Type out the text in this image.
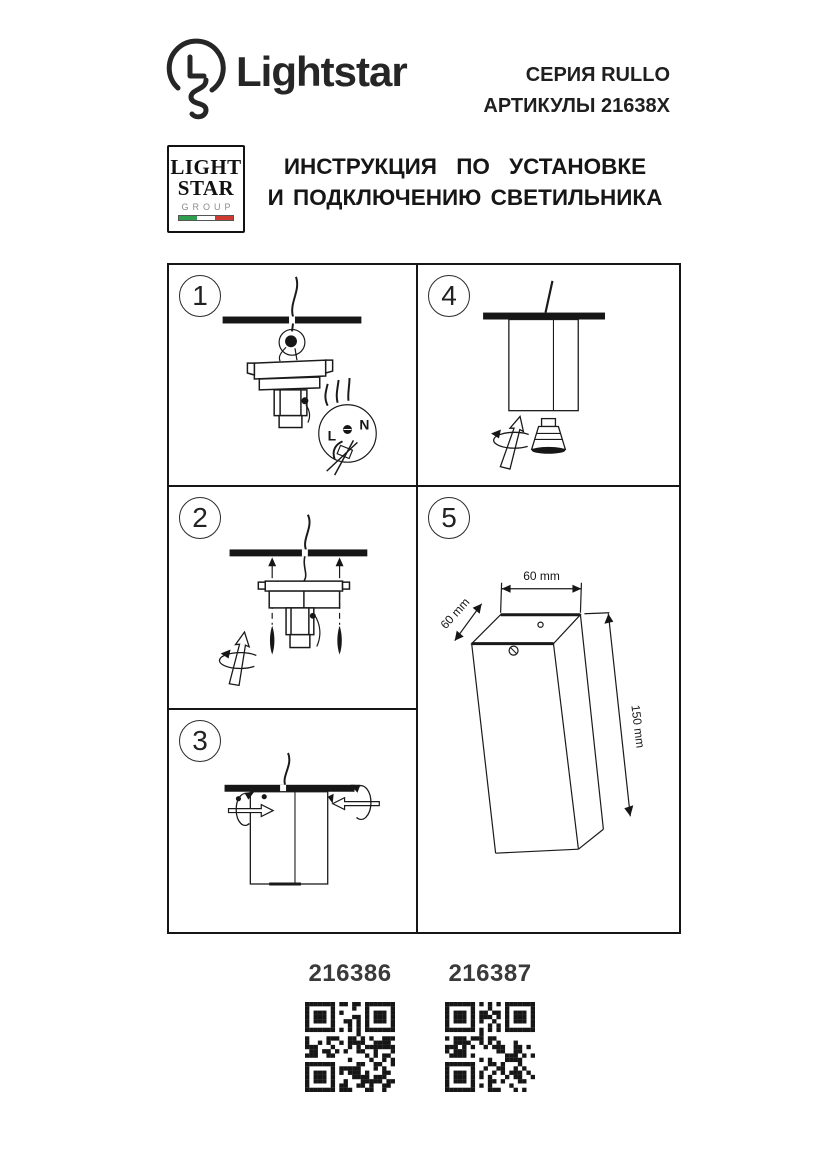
Lightstar	СЕРИЯ RULLO
АРТИКУЛЫ 21638X
LIGHT
STAR
GROUP
ИНСТРУКЦИЯ ПО УСТАНОВКЕ
И ПОДКЛЮЧЕНИЮ СВЕТИЛЬНИКА
1
L
N
2
3
4
5
60 mm
60 mm
150 mm
216386	216387
